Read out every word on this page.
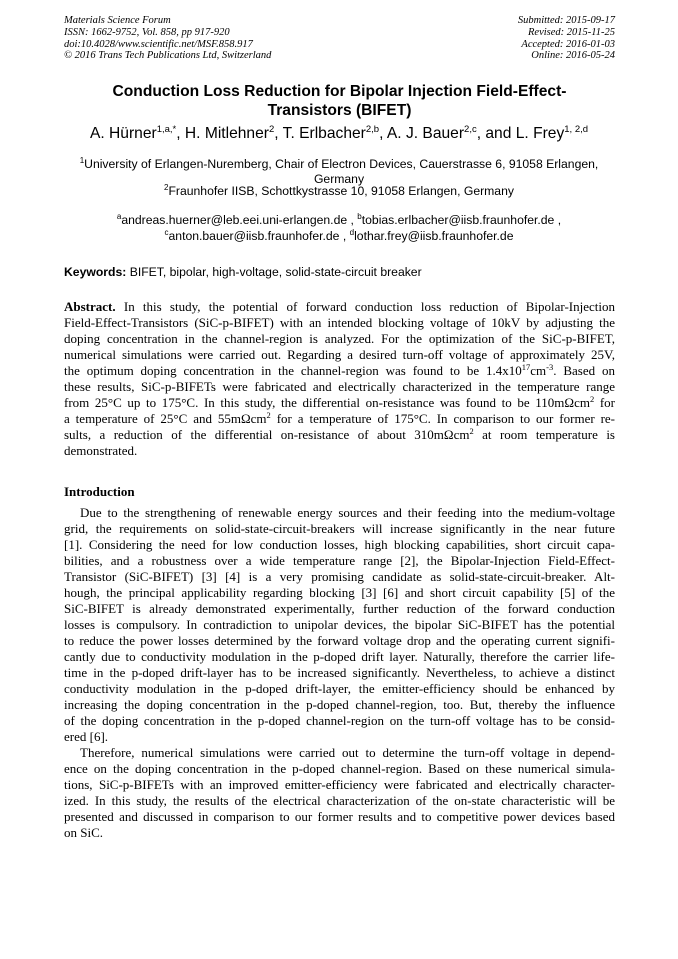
Materials Science Forum
ISSN: 1662-9752, Vol. 858, pp 917-920
doi:10.4028/www.scientific.net/MSF.858.917
© 2016 Trans Tech Publications Ltd, Switzerland
Submitted: 2015-09-17
Revised: 2015-11-25
Accepted: 2016-01-03
Online: 2016-05-24
Conduction Loss Reduction for Bipolar Injection Field-Effect-
Transistors (BIFET)
A. Hürner$^{1,a,*}$, H. Mitlehner$^2$, T. Erlbacher$^{2,b}$, A. J. Bauer$^{2,c}$, and L. Frey$^{1, 2,d}$
$^1$University of Erlangen-Nuremberg, Chair of Electron Devices, Cauerstrasse 6, 91058 Erlangen,
Germany
$^2$Fraunhofer IISB, Schottkystrasse 10, 91058 Erlangen, Germany
$^a$andreas.huerner@leb.eei.uni-erlangen.de , $^b$tobias.erlbacher@iisb.fraunhofer.de ,
$^c$anton.bauer@iisb.fraunhofer.de , $^d$lothar.frey@iisb.fraunhofer.de
Keywords: BIFET, bipolar, high-voltage, solid-state-circuit breaker
Abstract. In this study, the potential of forward conduction loss reduction of Bipolar-Injection
Field-Effect-Transistors (SiC-p-BIFET) with an intended blocking voltage of 10kV by adjusting the
doping concentration in the channel-region is analyzed. For the optimization of the SiC-p-BIFET,
numerical simulations were carried out. Regarding a desired turn-off voltage of approximately 25V,
the optimum doping concentration in the channel-region was found to be $1.4x10^{17}cm^{-3}$. Based on
these results, SiC-p-BIFETs were fabricated and electrically characterized in the temperature range
from 25°C up to 175°C. In this study, the differential on-resistance was found to be 110mΩcm$^2$ for
a temperature of 25°C and 55mΩcm$^2$ for a temperature of 175°C. In comparison to our former re-
sults, a reduction of the differential on-resistance of about 310mΩcm$^2$ at room temperature is
demonstrated.
Introduction
Due to the strengthening of renewable energy sources and their feeding into the medium-voltage
grid, the requirements on solid-state-circuit-breakers will increase significantly in the near future
[1]. Considering the need for low conduction losses, high blocking capabilities, short circuit capa-
bilities, and a robustness over a wide temperature range [2], the Bipolar-Injection Field-Effect-
Transistor (SiC-BIFET) [3] [4] is a very promising candidate as solid-state-circuit-breaker. Alt-
hough, the principal applicability regarding blocking [3] [6] and short circuit capability [5] of the
SiC-BIFET is already demonstrated experimentally, further reduction of the forward conduction
losses is compulsory. In contradiction to unipolar devices, the bipolar SiC-BIFET has the potential
to reduce the power losses determined by the forward voltage drop and the operating current signifi-
cantly due to conductivity modulation in the p-doped drift layer. Naturally, therefore the carrier life-
time in the p-doped drift-layer has to be increased significantly. Nevertheless, to achieve a distinct
conductivity modulation in the p-doped drift-layer, the emitter-efficiency should be enhanced by
increasing the doping concentration in the p-doped channel-region, too. But, thereby the influence
of the doping concentration in the p-doped channel-region on the turn-off voltage has to be consid-
ered [6].
Therefore, numerical simulations were carried out to determine the turn-off voltage in depend-
ence on the doping concentration in the p-doped channel-region. Based on these numerical simula-
tions, SiC-p-BIFETs with an improved emitter-efficiency were fabricated and electrically character-
ized. In this study, the results of the electrical characterization of the on-state characteristic will be
presented and discussed in comparison to our former results and to competitive power devices based
on SiC.
